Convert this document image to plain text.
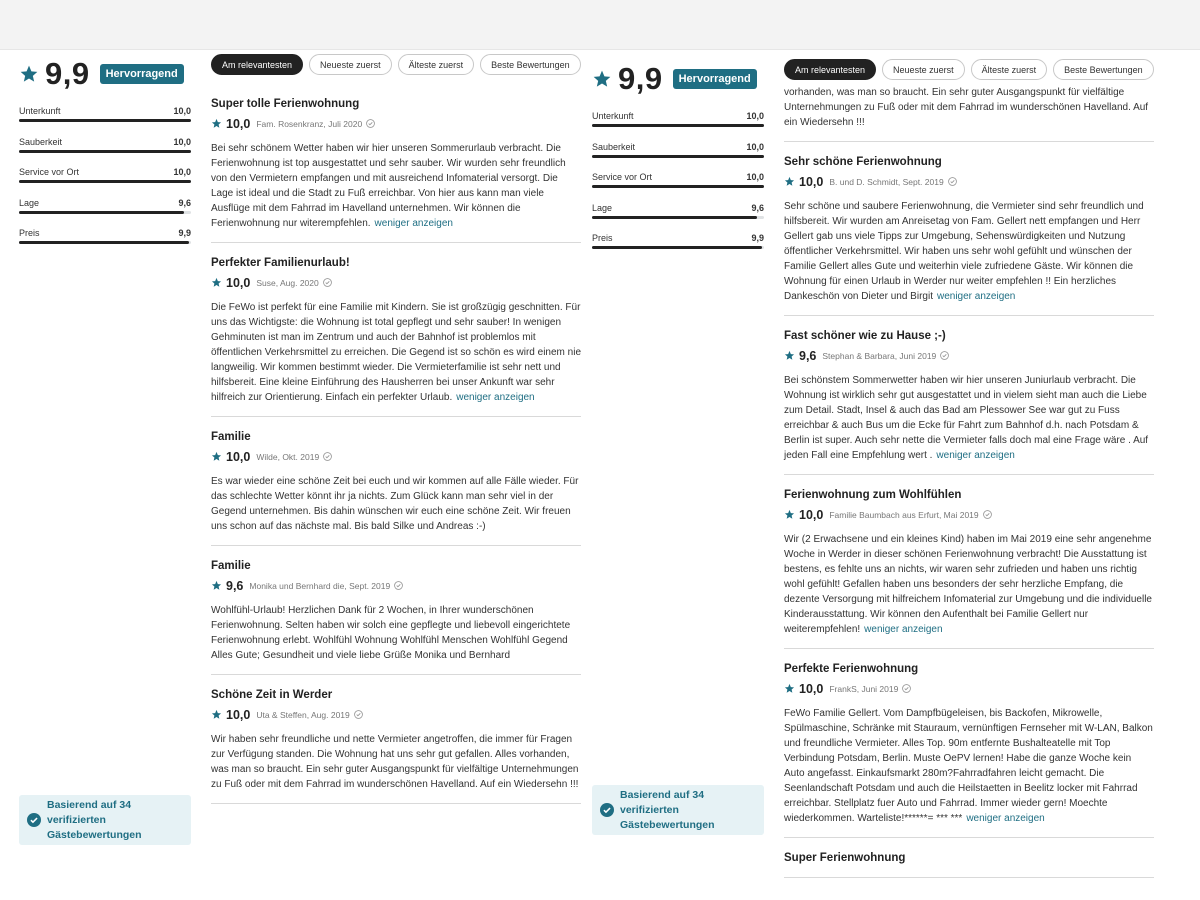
9,9	Hervorragend
Unterkunft	10,0
Sauberkeit	10,0
Service vor Ort	10,0
Lage	9,6
Preis	9,9
Basierend auf 34 verifizierten Gästebewertungen
Am relevantesten	Neueste zuerst	Älteste zuerst	Beste Bewertungen
Super tolle Ferienwohnung
10,0 Fam. Rosenkranz, Juli 2020
Bei sehr schönem Wetter haben wir hier unseren Sommerurlaub verbracht. Die Ferienwohnung ist top ausgestattet und sehr sauber. Wir wurden sehr freundlich von den Vermietern empfangen und mit ausreichend Infomaterial versorgt. Die Lage ist ideal und die Stadt zu Fuß erreichbar. Von hier aus kann man viele Ausflüge mit dem Fahrrad im Havelland unternehmen. Wir können die Ferienwohnung nur witerempfehlen. weniger anzeigen
Perfekter Familienurlaub!
10,0 Suse, Aug. 2020
Die FeWo ist perfekt für eine Familie mit Kindern. Sie ist großzügig geschnitten. Für uns das Wichtigste: die Wohnung ist total gepflegt und sehr sauber! In wenigen Gehminuten ist man im Zentrum und auch der Bahnhof ist problemlos mit öffentlichen Verkehrsmittel zu erreichen. Die Gegend ist so schön es wird einem nie langweilig. Wir kommen bestimmt wieder. Die Vermieterfamilie ist sehr nett und hilfsbereit. Eine kleine Einführung des Hausherren bei unser Ankunft war sehr hilfreich zur Orientierung. Einfach ein perfekter Urlaub. weniger anzeigen
Familie
10,0 Wilde, Okt. 2019
Es war wieder eine schöne Zeit bei euch und wir kommen auf alle Fälle wieder. Für das schlechte Wetter könnt ihr ja nichts. Zum Glück kann man sehr viel in der Gegend unternehmen. Bis dahin wünschen wir euch eine schöne Zeit. Wir freuen uns schon auf das nächste mal. Bis bald Silke und Andreas :-)
Familie
9,6 Monika und Bernhard die, Sept. 2019
Wohlfühl-Urlaub! Herzlichen Dank für 2 Wochen, in Ihrer wunderschönen Ferienwohnung. Selten haben wir solch eine gepflegte und liebevoll eingerichtete Ferienwohnung erlebt. Wohlfühl Wohnung Wohlfühl Menschen Wohlfühl Gegend Alles Gute; Gesundheit und viele liebe Grüße Monika und Bernhard
Schöne Zeit in Werder
10,0 Uta & Steffen, Aug. 2019
Wir haben sehr freundliche und nette Vermieter angetroffen, die immer für Fragen zur Verfügung standen. Die Wohnung hat uns sehr gut gefallen. Alles vorhanden, was man so braucht. Ein sehr guter Ausgangspunkt für vielfältige Unternehmungen zu Fuß oder mit dem Fahrrad im wunderschönen Havelland. Auf ein Wiedersehn !!!
9,9	Hervorragend
Unterkunft	10,0
Sauberkeit	10,0
Service vor Ort	10,0
Lage	9,6
Preis	9,9
Basierend auf 34 verifizierten Gästebewertungen
Am relevantesten	Neueste zuerst	Älteste zuerst	Beste Bewertungen
vorhanden, was man so braucht. Ein sehr guter Ausgangspunkt für vielfältige Unternehmungen zu Fuß oder mit dem Fahrrad im wunderschönen Havelland. Auf ein Wiedersehn !!!
Sehr schöne Ferienwohnung
10,0 B. und D. Schmidt, Sept. 2019
Sehr schöne und saubere Ferienwohnung, die Vermieter sind sehr freundlich und hilfsbereit. Wir wurden am Anreisetag von Fam. Gellert nett empfangen und Herr Gellert gab uns viele Tipps zur Umgebung, Sehenswürdigkeiten und Nutzung öffentlicher Verkehrsmittel. Wir haben uns sehr wohl gefühlt und wünschen der Familie Gellert alles Gute und weiterhin viele zufriedene Gäste. Wir können die Wohnung für einen Urlaub in Werder nur weiter empfehlen !! Ein herzliches Dankeschön von Dieter und Birgit weniger anzeigen
Fast schöner wie zu Hause ;-)
9,6 Stephan & Barbara, Juni 2019
Bei schönstem Sommerwetter haben wir hier unseren Juniurlaub verbracht. Die Wohnung ist wirklich sehr gut ausgestattet und in vielem sieht man auch die Liebe zum Detail. Stadt, Insel & auch das Bad am Plessower See war gut zu Fuss erreichbar & auch Bus um die Ecke für Fahrt zum Bahnhof d.h. nach Potsdam & Berlin ist super. Auch sehr nette die Vermieter falls doch mal eine Frage wäre . Auf jeden Fall eine Empfehlung wert . weniger anzeigen
Ferienwohnung zum Wohlfühlen
10,0 Familie Baumbach aus Erfurt, Mai 2019
Wir (2 Erwachsene und ein kleines Kind) haben im Mai 2019 eine sehr angenehme Woche in Werder in dieser schönen Ferienwohnung verbracht! Die Ausstattung ist bestens, es fehlte uns an nichts, wir waren sehr zufrieden und haben uns richtig wohl gefühlt! Gefallen haben uns besonders der sehr herzliche Empfang, die dezente Versorgung mit hilfreichem Infomaterial zur Umgebung und die individuelle Kinderausstattung. Wir können den Aufenthalt bei Familie Gellert nur weiterempfehlen! weniger anzeigen
Perfekte Ferienwohnung
10,0 FrankS, Juni 2019
FeWo Familie Gellert. Vom Dampfbügeleisen, bis Backofen, Mikrowelle, Spülmaschine, Schränke mit Stauraum, vernünftigen Fernseher mit W-LAN, Balkon und freundliche Vermieter. Alles Top. 90m entfernte Bushalteatelle mit Top Verbindung Potsdam, Berlin. Muste OePV lernen! Habe die ganze Woche kein Auto angefasst. Einkaufsmarkt 280m?Fahrradfahren leicht gemacht. Die Seenlandschaft Potsdam und auch die Heilstaetten in Beelitz locker mit Fahrrad erreichbar. Stellplatz fuer Auto und Fahrrad. Immer wieder gern! Moechte wiederkommen. Warteliste!******= *** *** weniger anzeigen
Super Ferienwohnung
